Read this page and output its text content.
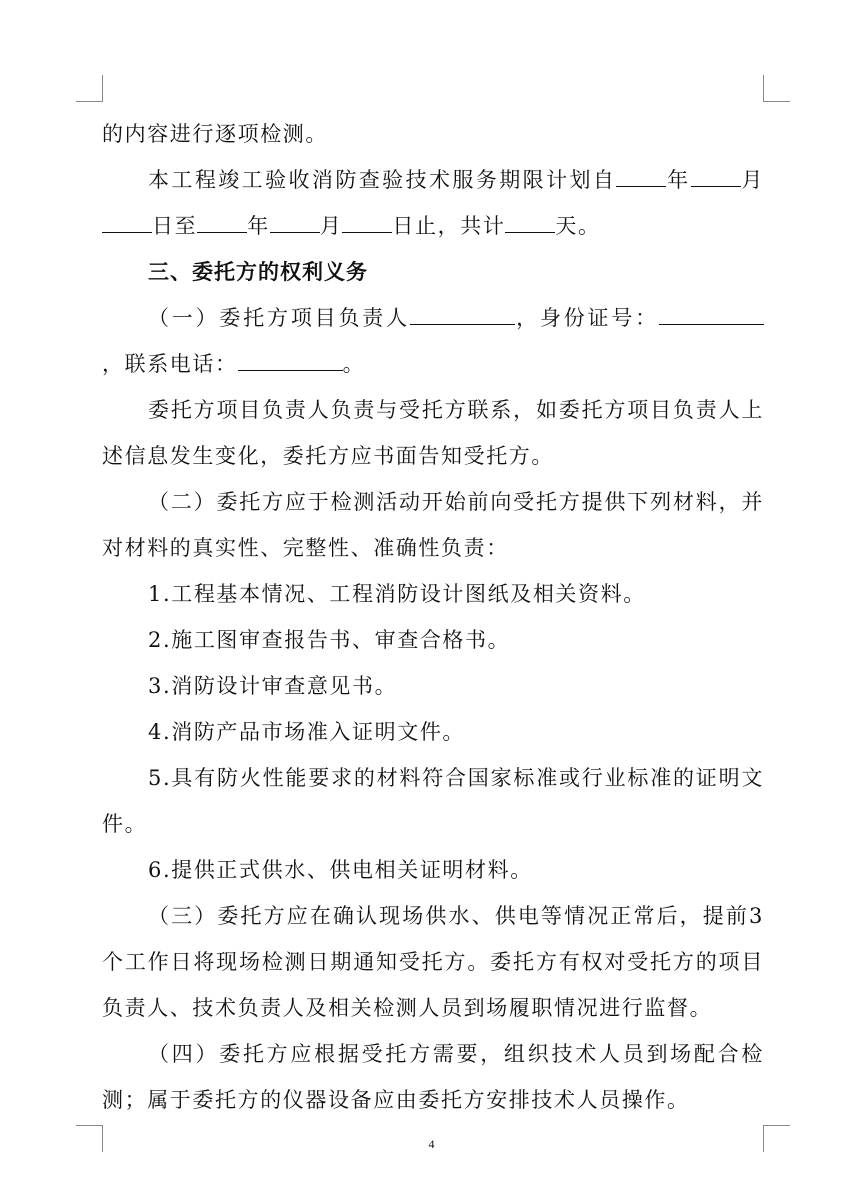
的内容进行逐项检测。

本工程竣工验收消防查验技术服务期限计划自 年 月日至 年 月 日止，共计 天。

三、委托方的权利义务

（一）委托方项目负责人	，身份证号：，联系电话：	。

委托方项目负责人负责与受托方联系，如委托方项目负责人上述信息发生变化，委托方应书面告知受托方。

（二）委托方应于检测活动开始前向受托方提供下列材料，并对材料的真实性、完整性、准确性负责：

1.工程基本情况、工程消防设计图纸及相关资料。

2.施工图审查报告书、审查合格书。

3.消防设计审查意见书。

4.消防产品市场准入证明文件。

5.具有防火性能要求的材料符合国家标准或行业标准的证明文件。

6.提供正式供水、供电相关证明材料。

（三）委托方应在确认现场供水、供电等情况正常后，提前3个工作日将现场检测日期通知受托方。委托方有权对受托方的项目负责人、技术负责人及相关检测人员到场履职情况进行监督。

（四）委托方应根据受托方需要，组织技术人员到场配合检测；属于委托方的仪器设备应由委托方安排技术人员操作。

4
